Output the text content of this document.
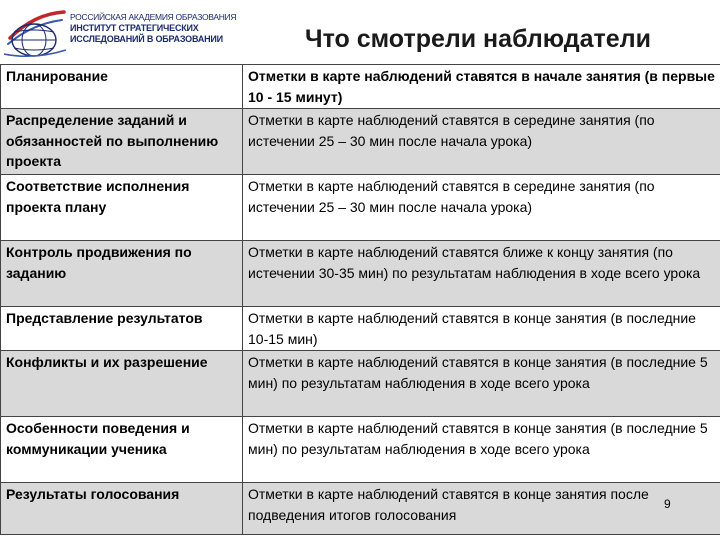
РОССИЙСКАЯ АКАДЕМИЯ ОБРАЗОВАНИЯ
ИНСТИТУТ СТРАТЕГИЧЕСКИХ
ИССЛЕДОВАНИЙ В ОБРАЗОВАНИИ	Что смотрели наблюдатели
Планирование	Отметки в карте наблюдений ставятся в начале занятия (в первые 10 - 15 минут)
Распределение заданий и обязанностей по выполнению проекта	Отметки в карте наблюдений ставятся в середине занятия (по истечении 25 – 30 мин после начала урока)
Соответствие исполнения проекта плану	Отметки в карте наблюдений ставятся в середине занятия (по истечении 25 – 30 мин после начала урока)
Контроль продвижения по заданию	Отметки в карте наблюдений ставятся ближе к концу занятия (по истечении 30-35 мин) по результатам наблюдения в ходе всего урока
Представление результатов	Отметки в карте наблюдений ставятся в конце занятия (в последние 10-15 мин)
Конфликты и их разрешение	Отметки в карте наблюдений ставятся в конце занятия (в последние 5 мин) по результатам наблюдения в ходе всего урока
Особенности поведения и коммуникации ученика	Отметки в карте наблюдений ставятся в конце занятия (в последние 5 мин) по результатам наблюдения в ходе всего урока
Результаты голосования	Отметки в карте наблюдений ставятся в конце занятия после подведения итогов голосования
9
